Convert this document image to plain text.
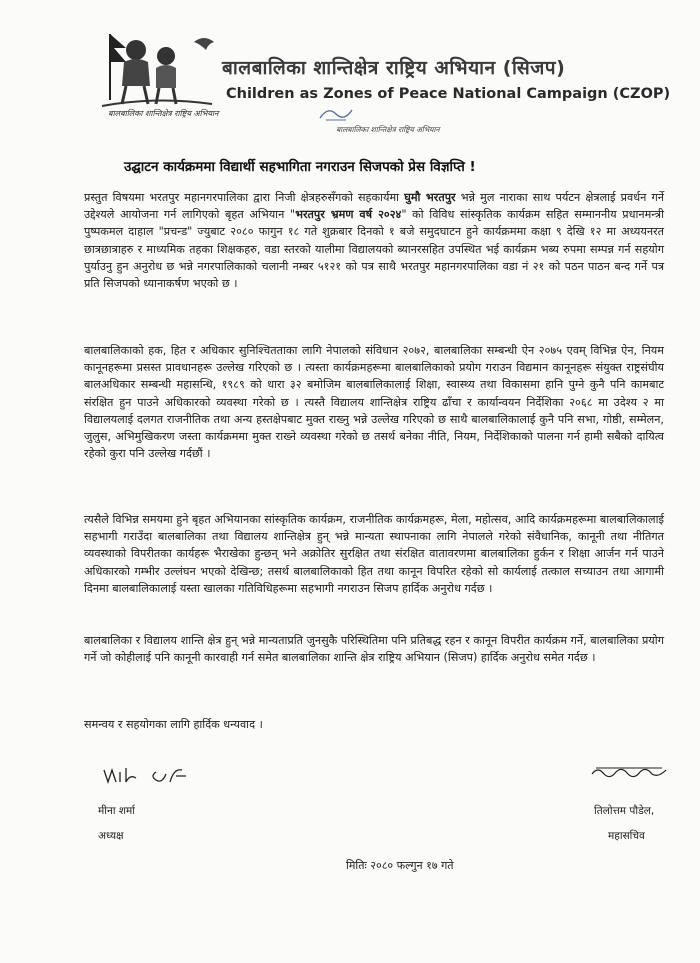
बालबालिका शान्तिक्षेत्र राष्ट्रिय अभियान
बालबालिका शान्तिक्षेत्र राष्ट्रिय अभियान (सिजप)
Children as Zones of Peace National Campaign (CZOP)
बालबालिका शान्तिक्षेत्र राष्ट्रिय अभियान
उद्घाटन कार्यक्रममा विद्यार्थी सहभागिता नगराउन सिजपको प्रेस विज्ञप्ति !
प्रस्तुत विषयमा भरतपुर महानगरपालिका द्वारा निजी क्षेत्रहरुसँगको सहकार्यमा घुमौ भरतपुर भन्ने मुल नाराका साथ पर्यटन क्षेत्रलाई प्रवर्धन गर्ने उद्देश्यले आयोजना गर्न लागिएको बृहत अभियान "भरतपुर भ्रमण वर्ष २०२४" को विविध सांस्कृतिक कार्यक्रम सहित सम्माननीय प्रधानमन्त्री पुष्पकमल दाहाल "प्रचन्ड" ज्युबाट २०८० फागुन १८ गते शुक्रबार दिनको १ बजे समुदघाटन हुने कार्यक्रममा कक्षा ९ देखि १२ मा अध्ययनरत छात्रछात्राहरु र माध्यमिक तहका शिक्षकहरु, वडा स्तरको यालीमा विद्यालयको ब्यानरसहित उपस्थित भई कार्यक्रम भब्य रुपमा सम्पन्न गर्न सहयोग पुर्याउनु हुन अनुरोध छ भन्ने नगरपालिकाको चलानी नम्बर ५१२१ को पत्र साथै भरतपुर महानगरपालिका वडा नं २१ को पठन पाठन बन्द गर्ने पत्र प्रति सिजपको ध्यानाकर्षण भएको छ ।
बालबालिकाको हक, हित र अधिकार सुनिश्चितताका लागि नेपालको संविधान २०७२, बालबालिका सम्बन्धी ऐन २०७५ एवम् विभिन्न ऐन, नियम कानूनहरूमा प्रसस्त प्रावधानहरू उल्लेख गरिएको छ । त्यस्ता कार्यक्रमहरूमा बालबालिकाको प्रयोग गराउन विद्यमान कानूनहरू संयुक्त राष्ट्रसंघीय बालअधिकार सम्बन्धी महासन्धि, १९८९ को धारा ३२ बमोजिम बालबालिकालाई शिक्षा, स्वास्थ्य तथा विकासमा हानि पुग्ने कुनै पनि कामबाट संरक्षित हुन पाउने अधिकारको व्यवस्था गरेको छ । त्यस्तै विद्यालय शान्तिक्षेत्र राष्ट्रिय ढाँचा र कार्यान्वयन निर्देशिका २०६८ मा उदेश्य २ मा विद्यालयलाई दलगत राजनीतिक तथा अन्य हस्तक्षेपबाट मुक्त राख्नु भन्ने उल्लेख गरिएको छ साथै बालबालिकालाई कुनै पनि सभा, गोष्ठी, सम्मेलन, जुलुस, अभिमुखिकरण जस्ता कार्यक्रममा मुक्त राख्ने व्यवस्था गरेको छ तसर्थ बनेका नीति, नियम, निर्देशिकाको पालना गर्न हामी सबैको दायित्व रहेको कुरा पनि उल्लेख गर्दछौं ।
त्यसैले विभिन्न समयमा हुने बृहत अभियानका सांस्कृतिक कार्यक्रम, राजनीतिक कार्यक्रमहरू, मेला, महोत्सव, आदि कार्यक्रमहरूमा बालबालिकालाई सहभागी गराउँदा बालबालिका तथा विद्यालय शान्तिक्षेत्र हुन् भन्ने मान्यता स्थापनाका लागि नेपालले गरेको संवैधानिक, कानूनी तथा नीतिगत व्यवस्थाको विपरीतका कार्यहरू भैराखेका हुन्छन् भने अक्रोतिर सुरक्षित तथा संरक्षित वातावरणमा बालबालिका हुर्कन र शिक्षा आर्जन गर्न पाउने अधिकारको गम्भीर उल्लंघन भएको देखिन्छ; तसर्थ बालबालिकाको हित तथा कानून विपरित रहेको सो कार्यलाई तत्काल सच्याउन तथा आगामी दिनमा बालबालिकालाई यस्ता खालका गतिविधिहरूमा सहभागी नगराउन सिजप हार्दिक अनुरोध गर्दछ ।
बालबालिका र विद्यालय शान्ति क्षेत्र हुन् भन्ने मान्यताप्रति जुनसुकै परिस्थितिमा पनि प्रतिबद्ध रहन र कानून विपरीत कार्यक्रम गर्ने, बालबालिका प्रयोग गर्ने जो कोहीलाई पनि कानूनी कारवाही गर्न समेत बालबालिका शान्ति क्षेत्र राष्ट्रिय अभियान (सिजप) हार्दिक अनुरोध समेत गर्दछ ।
समन्वय र सहयोगका लागि हार्दिक धन्यवाद ।
मीना शर्मा
अध्यक्ष
तिलोत्तम पौडेल,
महासचिव
मितिः २०८० फल्गुन १७ गते
